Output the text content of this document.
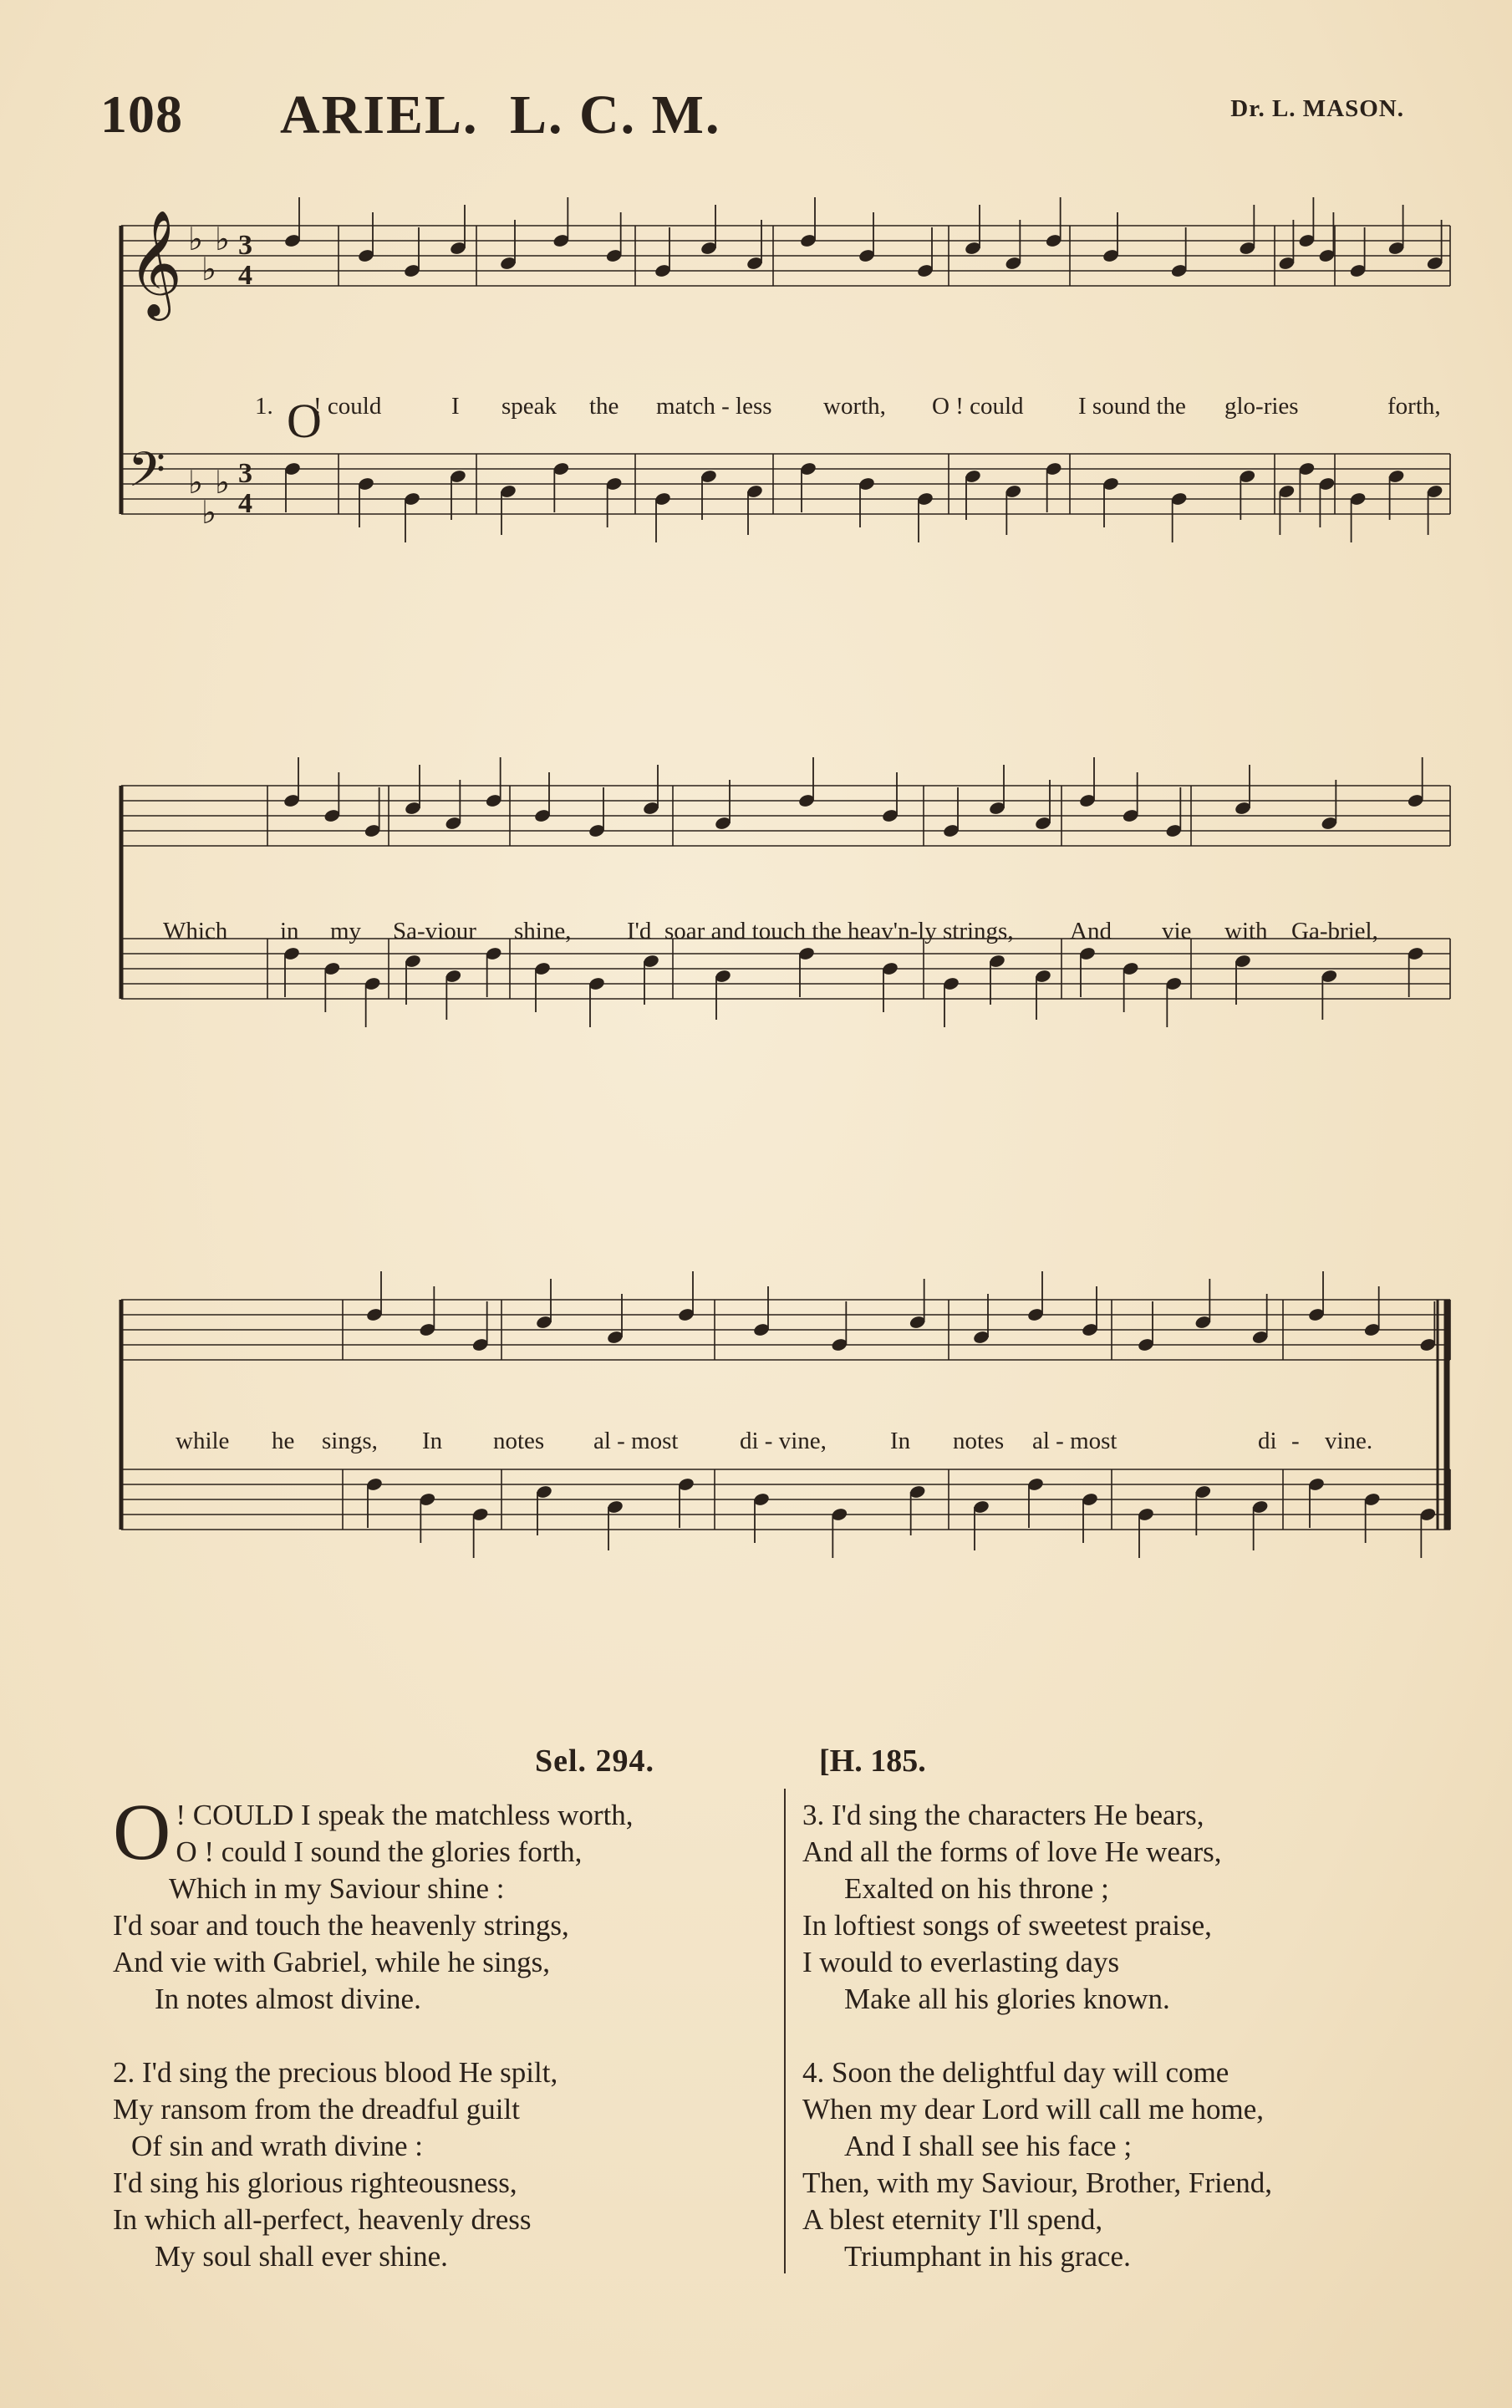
108 ARIEL. L. C. M.	Dr. L. MASON.
𝄞
𝄢
♭
♭
♭
♭
♭
♭
3
4
3
4
1. O
! could	I speak the match - less worth, O ! could I sound the glo-ries	forth,
Which in my Sa-viour shine, I'd soar and touch the heav'n-ly strings, And vie with Ga-briel,
while he sings, In notes al - most	di - vine,	In notes al - most	di - vine.
Sel. 294.	[H. 185.
O ! COULD I speak the matchless worth,
O ! could I sound the glories forth,
Which in my Saviour shine :
I'd soar and touch the heavenly strings,
And vie with Gabriel, while he sings,
In notes almost divine.
2. I'd sing the precious blood He spilt,
My ransom from the dreadful guilt
Of sin and wrath divine :
I'd sing his glorious righteousness,
In which all-perfect, heavenly dress
My soul shall ever shine.
3. I'd sing the characters He bears,
And all the forms of love He wears,
Exalted on his throne ;
In loftiest songs of sweetest praise,
I would to everlasting days
Make all his glories known.
4. Soon the delightful day will come
When my dear Lord will call me home,
And I shall see his face ;
Then, with my Saviour, Brother, Friend,
A blest eternity I'll spend,
Triumphant in his grace.
